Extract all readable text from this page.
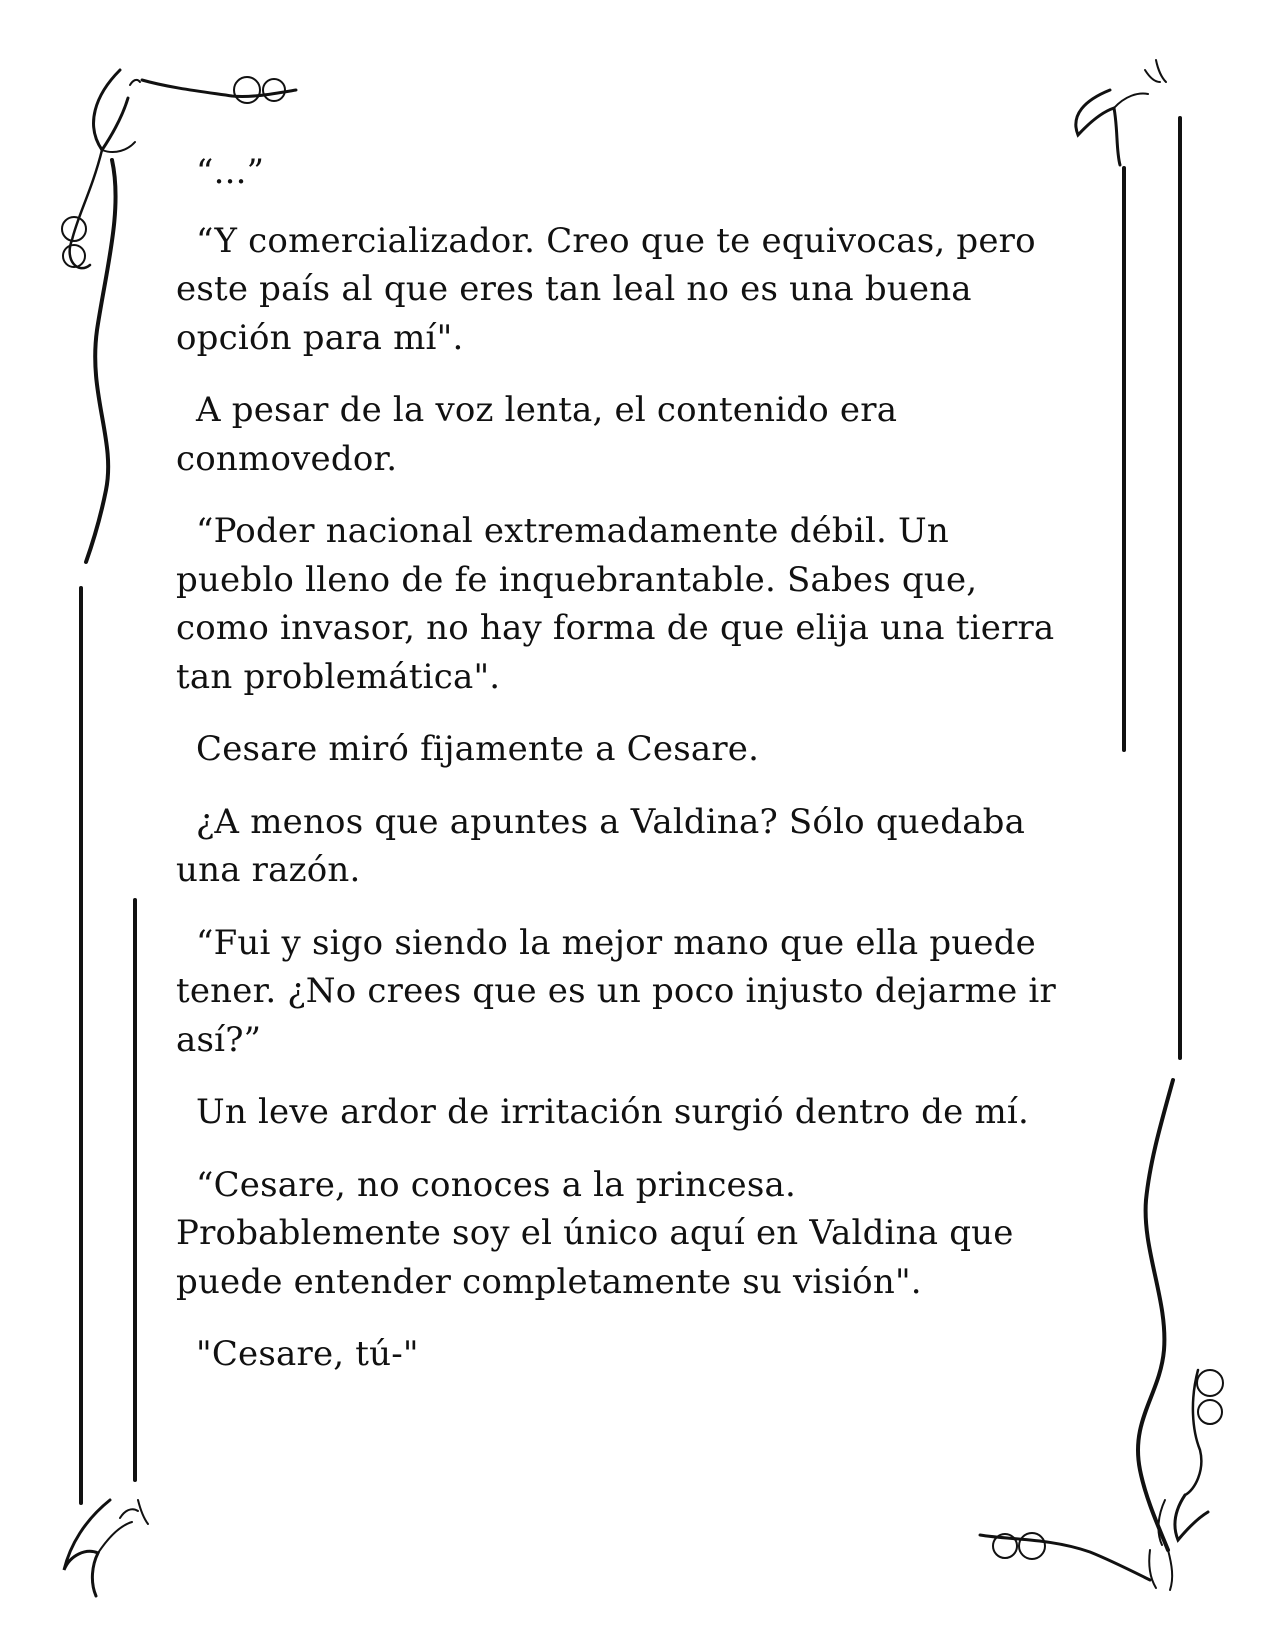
“...”

“Y comercializador. Creo que te equivocas, pero este país al que eres tan leal no es una buena opción para mí".

A pesar de la voz lenta, el contenido era conmovedor.

“Poder nacional extremadamente débil. Un pueblo lleno de fe inquebrantable. Sabes que, como invasor, no hay forma de que elija una tierra tan problemática".

Cesare miró fijamente a Cesare.

¿A menos que apuntes a Valdina? Sólo quedaba una razón.

“Fui y sigo siendo la mejor mano que ella puede tener. ¿No crees que es un poco injusto dejarme ir así?”

Un leve ardor de irritación surgió dentro de mí.

“Cesare, no conoces a la princesa. Probablemente soy el único aquí en Valdina que puede entender completamente su visión".

"Cesare, tú-"
